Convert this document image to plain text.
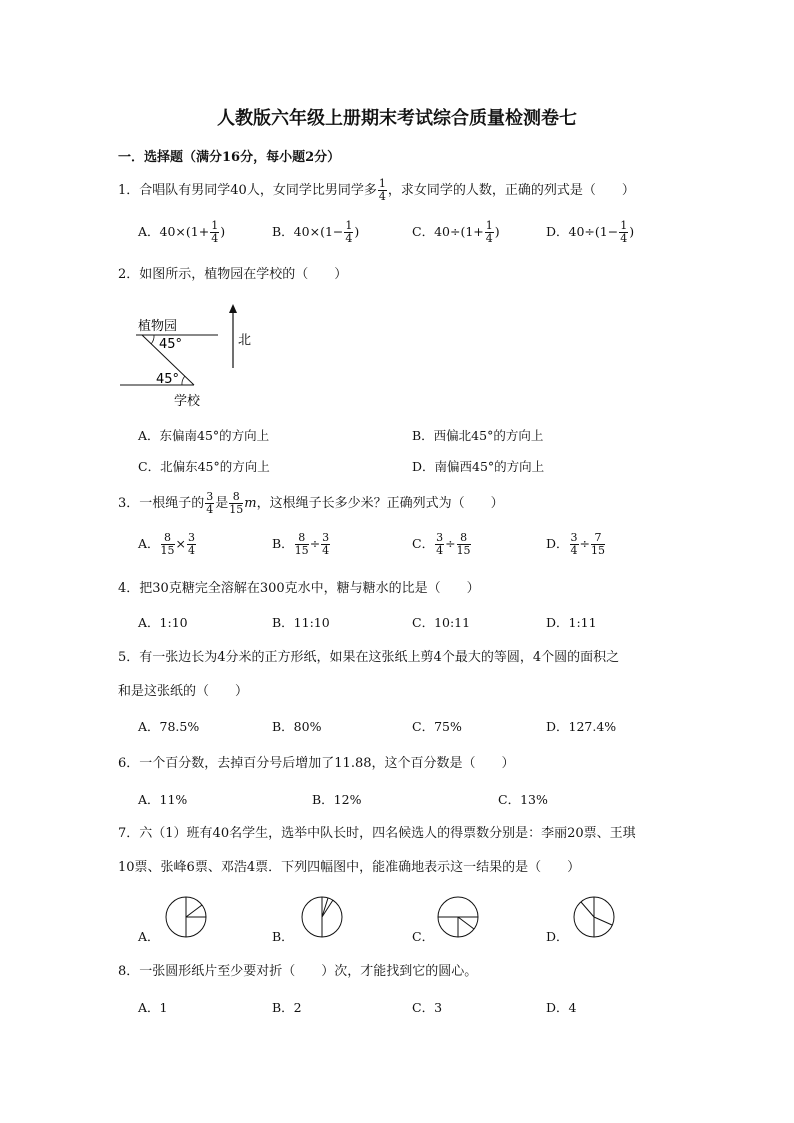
人教版六年级上册期末考试综合质量检测卷七
一．选择题（满分16分，每小题2分）
1．合唱队有男同学40人，女同学比男同学多 $\frac{1}{4}$ ，求女同学的人数，正确的列式是（　　）
A．$40\times(1+ \frac{1}{4}$ )	B．$40\times(1- \frac{1}{4}$ )	C．$40\div(1+ \frac{1}{4}$ )	D．$40\div(1- \frac{1}{4}$ )
2．如图所示，植物园在学校的（　　）
植物园
45°
45°
学校
北
A．东偏南45°的方向上	B．西偏北45°的方向上
C．北偏东45°的方向上	D．南偏西45°的方向上
3．一根绳子的 $\frac{3}{4}$ 是 $\frac{8}{15}$ m，这根绳子长多少米？正确列式为（　　）
A． $\frac{8}{15} \times \frac{3}{4}$	B． $\frac{8}{15} \div \frac{3}{4}$	C． $\frac{3}{4} \div \frac{8}{15}$	D． $\frac{3}{4} \div \frac{7}{15}$
4．把30克糖完全溶解在300克水中，糖与糖水的比是（　　）
A．1:10	B．11:10	C．10:11	D．1:11
5．有一张边长为4分米的正方形纸，如果在这张纸上剪4个最大的等圆，4个圆的面积之
和是这张纸的（　　）
A．78.5%	B．80%	C．75%	D．127.4%
6．一个百分数，去掉百分号后增加了11.88，这个百分数是（　　）
A．11%	B．12%	C．13%
7．六（1）班有40名学生，选举中队长时，四名候选人的得票数分别是：李丽20票、王琪
10票、张峰6票、邓浩4票．下列四幅图中，能准确地表示这一结果的是（　　）
A．	B．	C．	D．
8．一张圆形纸片至少要对折（　　）次，才能找到它的圆心。
A．1	B．2	C．3	D．4
